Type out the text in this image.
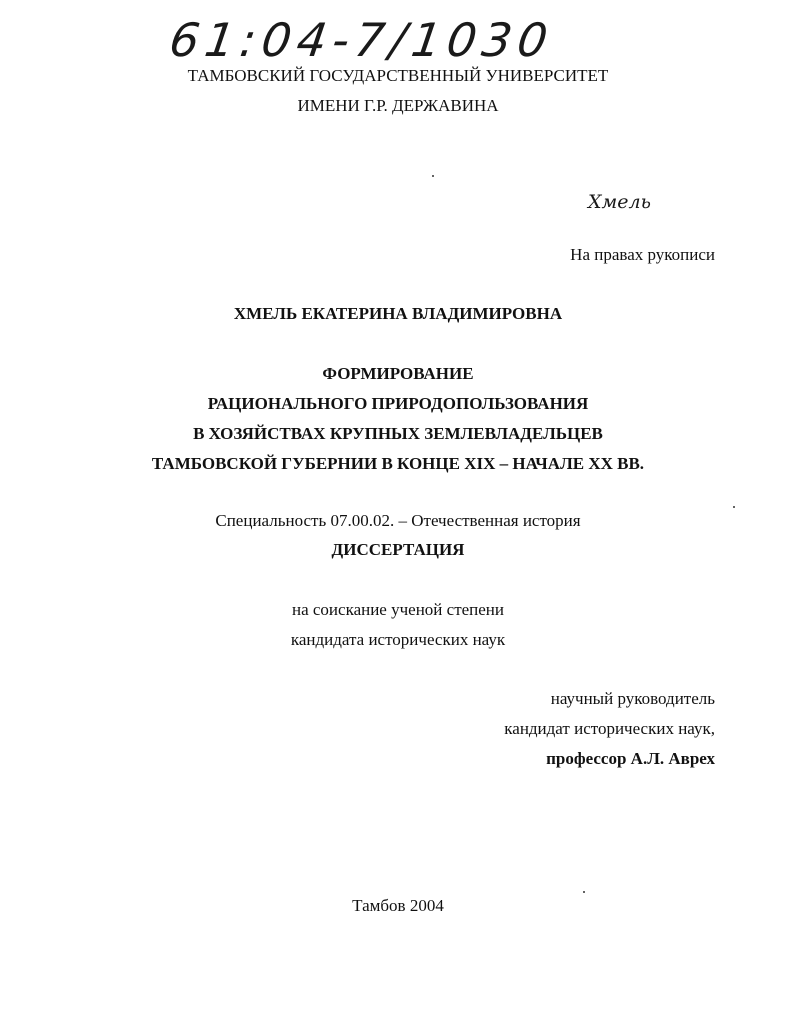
61:04-7/1030
ТАМБОВСКИЙ ГОСУДАРСТВЕННЫЙ УНИВЕРСИТЕТ
ИМЕНИ Г.Р. ДЕРЖАВИНА
Хмель
На правах рукописи
ХМЕЛЬ ЕКАТЕРИНА ВЛАДИМИРОВНА
ФОРМИРОВАНИЕ
РАЦИОНАЛЬНОГО ПРИРОДОПОЛЬЗОВАНИЯ
В ХОЗЯЙСТВАХ КРУПНЫХ ЗЕМЛЕВЛАДЕЛЬЦЕВ
ТАМБОВСКОЙ ГУБЕРНИИ В КОНЦЕ XIX – НАЧАЛЕ XX ВВ.
Специальность 07.00.02. – Отечественная история
ДИССЕРТАЦИЯ
на соискание ученой степени
кандидата исторических наук
научный руководитель
кандидат исторических наук,
профессор А.Л. Аврех
Тамбов 2004
